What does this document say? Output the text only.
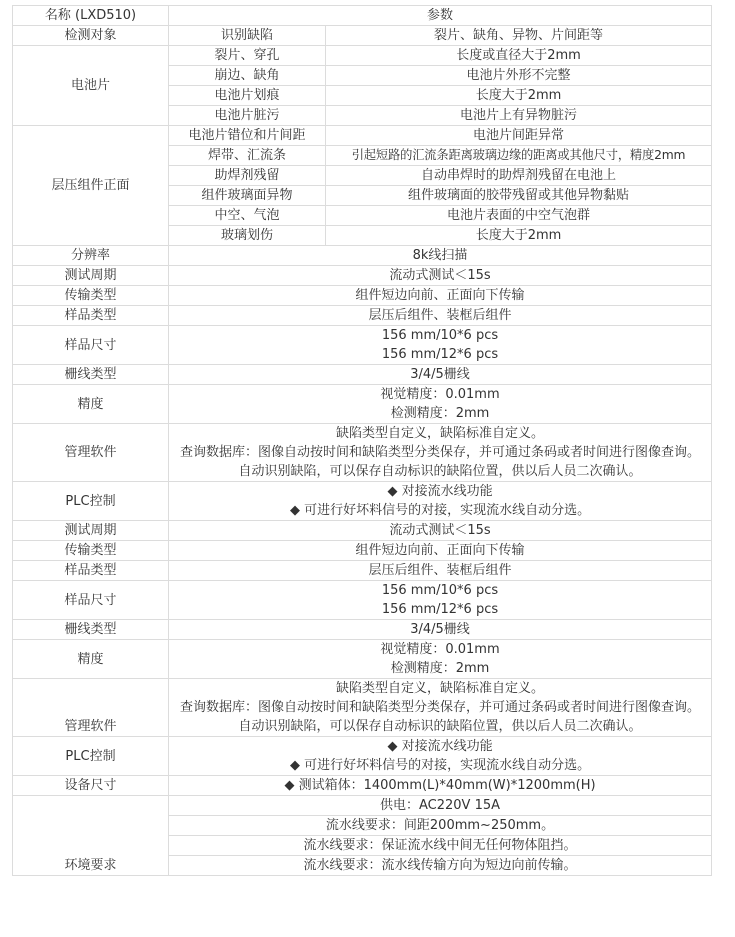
名称 (LXD510)	参数	
检测对象	识别缺陷	裂片、缺角、异物、片间距等
电池片	裂片、穿孔	长度或直径大于2mm
	崩边、缺角	电池片外形不完整
	电池片划痕	长度大于2mm
	电池片脏污	电池片上有异物脏污
层压组件正面	电池片错位和片间距	电池片间距异常
	焊带、汇流条	引起短路的汇流条距离玻璃边缘的距离或其他尺寸，精度2mm
	助焊剂残留	自动串焊时的助焊剂残留在电池上
	组件玻璃面异物	组件玻璃面的胶带残留或其他异物黏贴
	中空、气泡	电池片表面的中空气泡群
	玻璃划伤	长度大于2mm
分辨率	8k线扫描	
测试周期	流动式测试＜15s	
传输类型	组件短边向前、正面向下传输	
样品类型	层压后组件、装框后组件	
样品尺寸	156 mm/10*6 pcs
156 mm/12*6 pcs	

栅线类型	3/4/5栅线	
精度	视觉精度：0.01mm
检测精度：2mm	

管理软件	缺陷类型自定义，缺陷标准自定义。
查询数据库：图像自动按时间和缺陷类型分类保存，并可通过条码或者时间进行图像查询。
自动识别缺陷，可以保存自动标识的缺陷位置，供以后人员二次确认。	

PLC控制	◆ 对接流水线功能
◆ 可进行好坏料信号的对接，实现流水线自动分选。	

测试周期	流动式测试＜15s	
传输类型	组件短边向前、正面向下传输	
样品类型	层压后组件、装框后组件	
样品尺寸	156 mm/10*6 pcs
156 mm/12*6 pcs	

栅线类型	3/4/5栅线	
精度	视觉精度：0.01mm
检测精度：2mm	

管理软件	缺陷类型自定义，缺陷标准自定义。
查询数据库：图像自动按时间和缺陷类型分类保存，并可通过条码或者时间进行图像查询。
自动识别缺陷，可以保存自动标识的缺陷位置，供以后人员二次确认。	

PLC控制	◆ 对接流水线功能
◆ 可进行好坏料信号的对接，实现流水线自动分选。	

设备尺寸	◆ 测试箱体：1400mm(L)*40mm(W)*1200mm(H)	
环境要求	供电：AC220V 15A	
	流水线要求：间距200mm~250mm。	
	流水线要求：保证流水线中间无任何物体阻挡。	
	流水线要求：流水线传输方向为短边向前传输。	
